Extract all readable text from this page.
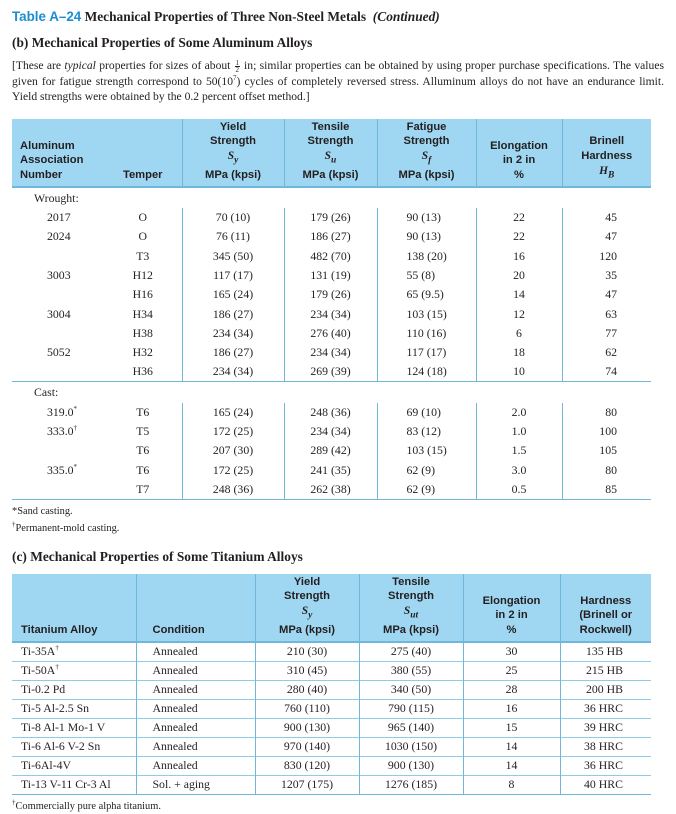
Table A–24 Mechanical Properties of Three Non-Steel Metals (Continued)
(b) Mechanical Properties of Some Aluminum Alloys
[These are typical properties for sizes of about $\frac{1}{2}$ in; similar properties can be obtained by using proper purchase specifications. The values given for fatigue strength correspond to $50(10^7)$ cycles of completely reversed stress. Alluminum alloys do not have an endurance limit. Yield strengths were obtained by the 0.2 percent offset method.]
Aluminum
Association
Number	Temper	Yield
Strength
$S_y$
MPa (kpsi)	Tensile
Strength
$S_u$
MPa (kpsi)	Fatigue
Strength
$S_f$
MPa (kpsi)	Elongation
in 2 in
%	Brinell
Hardness
$H_B$
Wrought:						
2017	O	70 (10)	179 (26)	90 (13)	22	45
2024	O	76 (11)	186 (27)	90 (13)	22	47
	T3	345 (50)	482 (70)	138 (20)	16	120
3003	H12	117 (17)	131 (19)	55 (8)	20	35
	H16	165 (24)	179 (26)	65 (9.5)	14	47
3004	H34	186 (27)	234 (34)	103 (15)	12	63
	H38	234 (34)	276 (40)	110 (16)	6	77
5052	H32	186 (27)	234 (34)	117 (17)	18	62
	H36	234 (34)	269 (39)	124 (18)	10	74
Cast:						
319.0*	T6	165 (24)	248 (36)	69 (10)	2.0	80
333.0†	T5	172 (25)	234 (34)	83 (12)	1.0	100
	T6	207 (30)	289 (42)	103 (15)	1.5	105
335.0*	T6	172 (25)	241 (35)	62 (9)	3.0	80
	T7	248 (36)	262 (38)	62 (9)	0.5	85
*Sand casting.
†Permanent-mold casting.
(c) Mechanical Properties of Some Titanium Alloys
Titanium Alloy	Condition	Yield
Strength
$S_y$
MPa (kpsi)	Tensile
Strength
$S_{ut}$
MPa (kpsi)	Elongation
in 2 in
%	Hardness
(Brinell or
Rockwell)
Ti-35A†	Annealed	210 (30)	275 (40)	30	135 HB
Ti-50A†	Annealed	310 (45)	380 (55)	25	215 HB
Ti-0.2 Pd	Annealed	280 (40)	340 (50)	28	200 HB
Ti-5 Al-2.5 Sn	Annealed	760 (110)	790 (115)	16	36 HRC
Ti-8 Al-1 Mo-1 V	Annealed	900 (130)	965 (140)	15	39 HRC
Ti-6 Al-6 V-2 Sn	Annealed	970 (140)	1030 (150)	14	38 HRC
Ti-6Al-4V	Annealed	830 (120)	900 (130)	14	36 HRC
Ti-13 V-11 Cr-3 Al	Sol. + aging	1207 (175)	1276 (185)	8	40 HRC
†Commercially pure alpha titanium.
